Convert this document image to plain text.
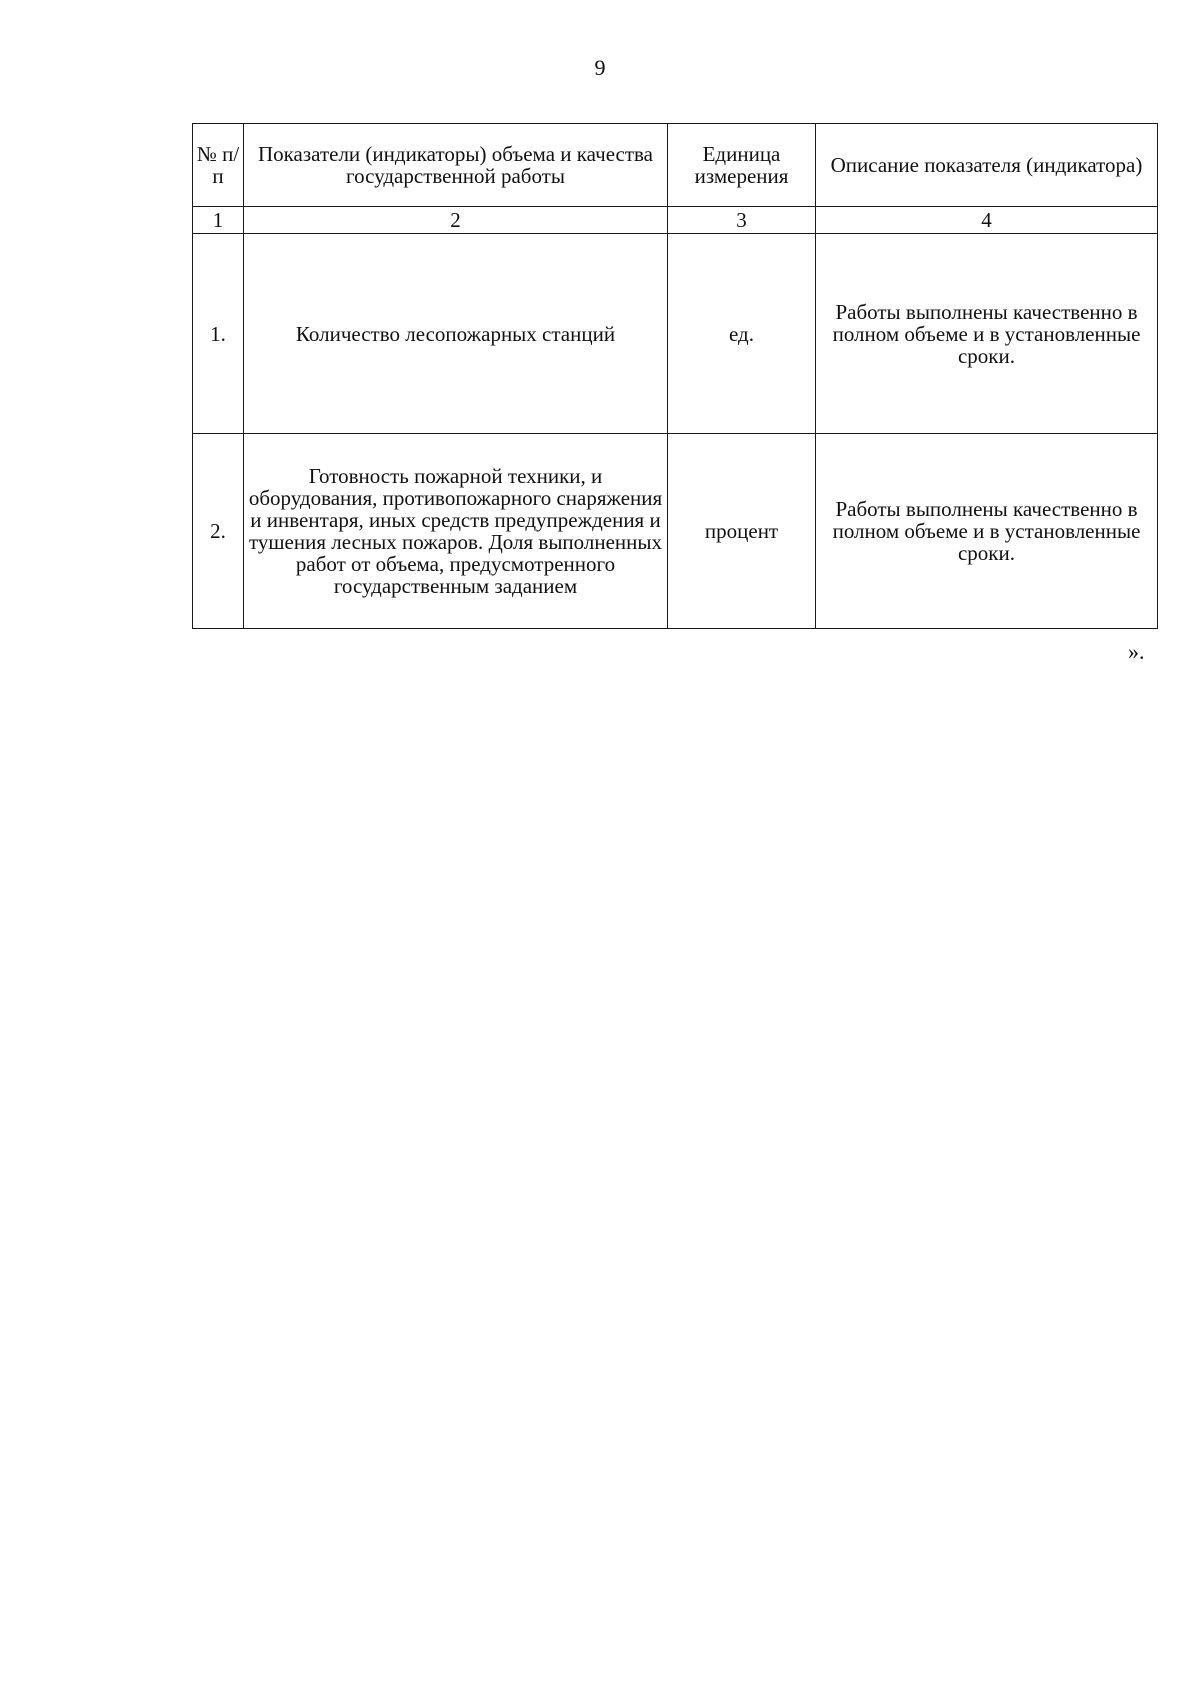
9
№ п/п	Показатели (индикаторы) объема и качества государственной работы	Единица измерения	Описание показателя (индикатора)
1	2	3	4
1.	Количество лесопожарных станций	ед.	Работы выполнены качественно в полном объеме и в установленные сроки.
2.	Готовность пожарной техники, и оборудования, противопожарного снаряжения и инвентаря, иных средств предупреждения и тушения лесных пожаров. Доля выполненных работ от объема, предусмотренного государственным заданием	процент	Работы выполнены качественно в полном объеме и в установленные сроки.
».
